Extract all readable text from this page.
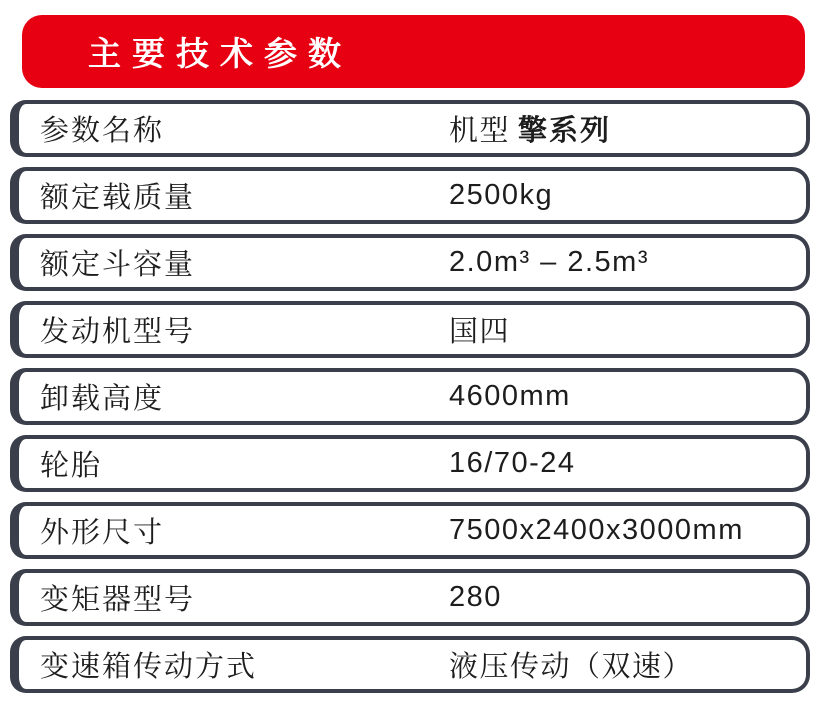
主要技术参数
参数名称	机型 擎系列
额定载质量	2500kg
额定斗容量	2.0m³ – 2.5m³
发动机型号	国四
卸载高度	4600mm
轮胎	16/70-24
外形尺寸	7500x2400x3000mm
变矩器型号	280
变速箱传动方式	液压传动（双速）
